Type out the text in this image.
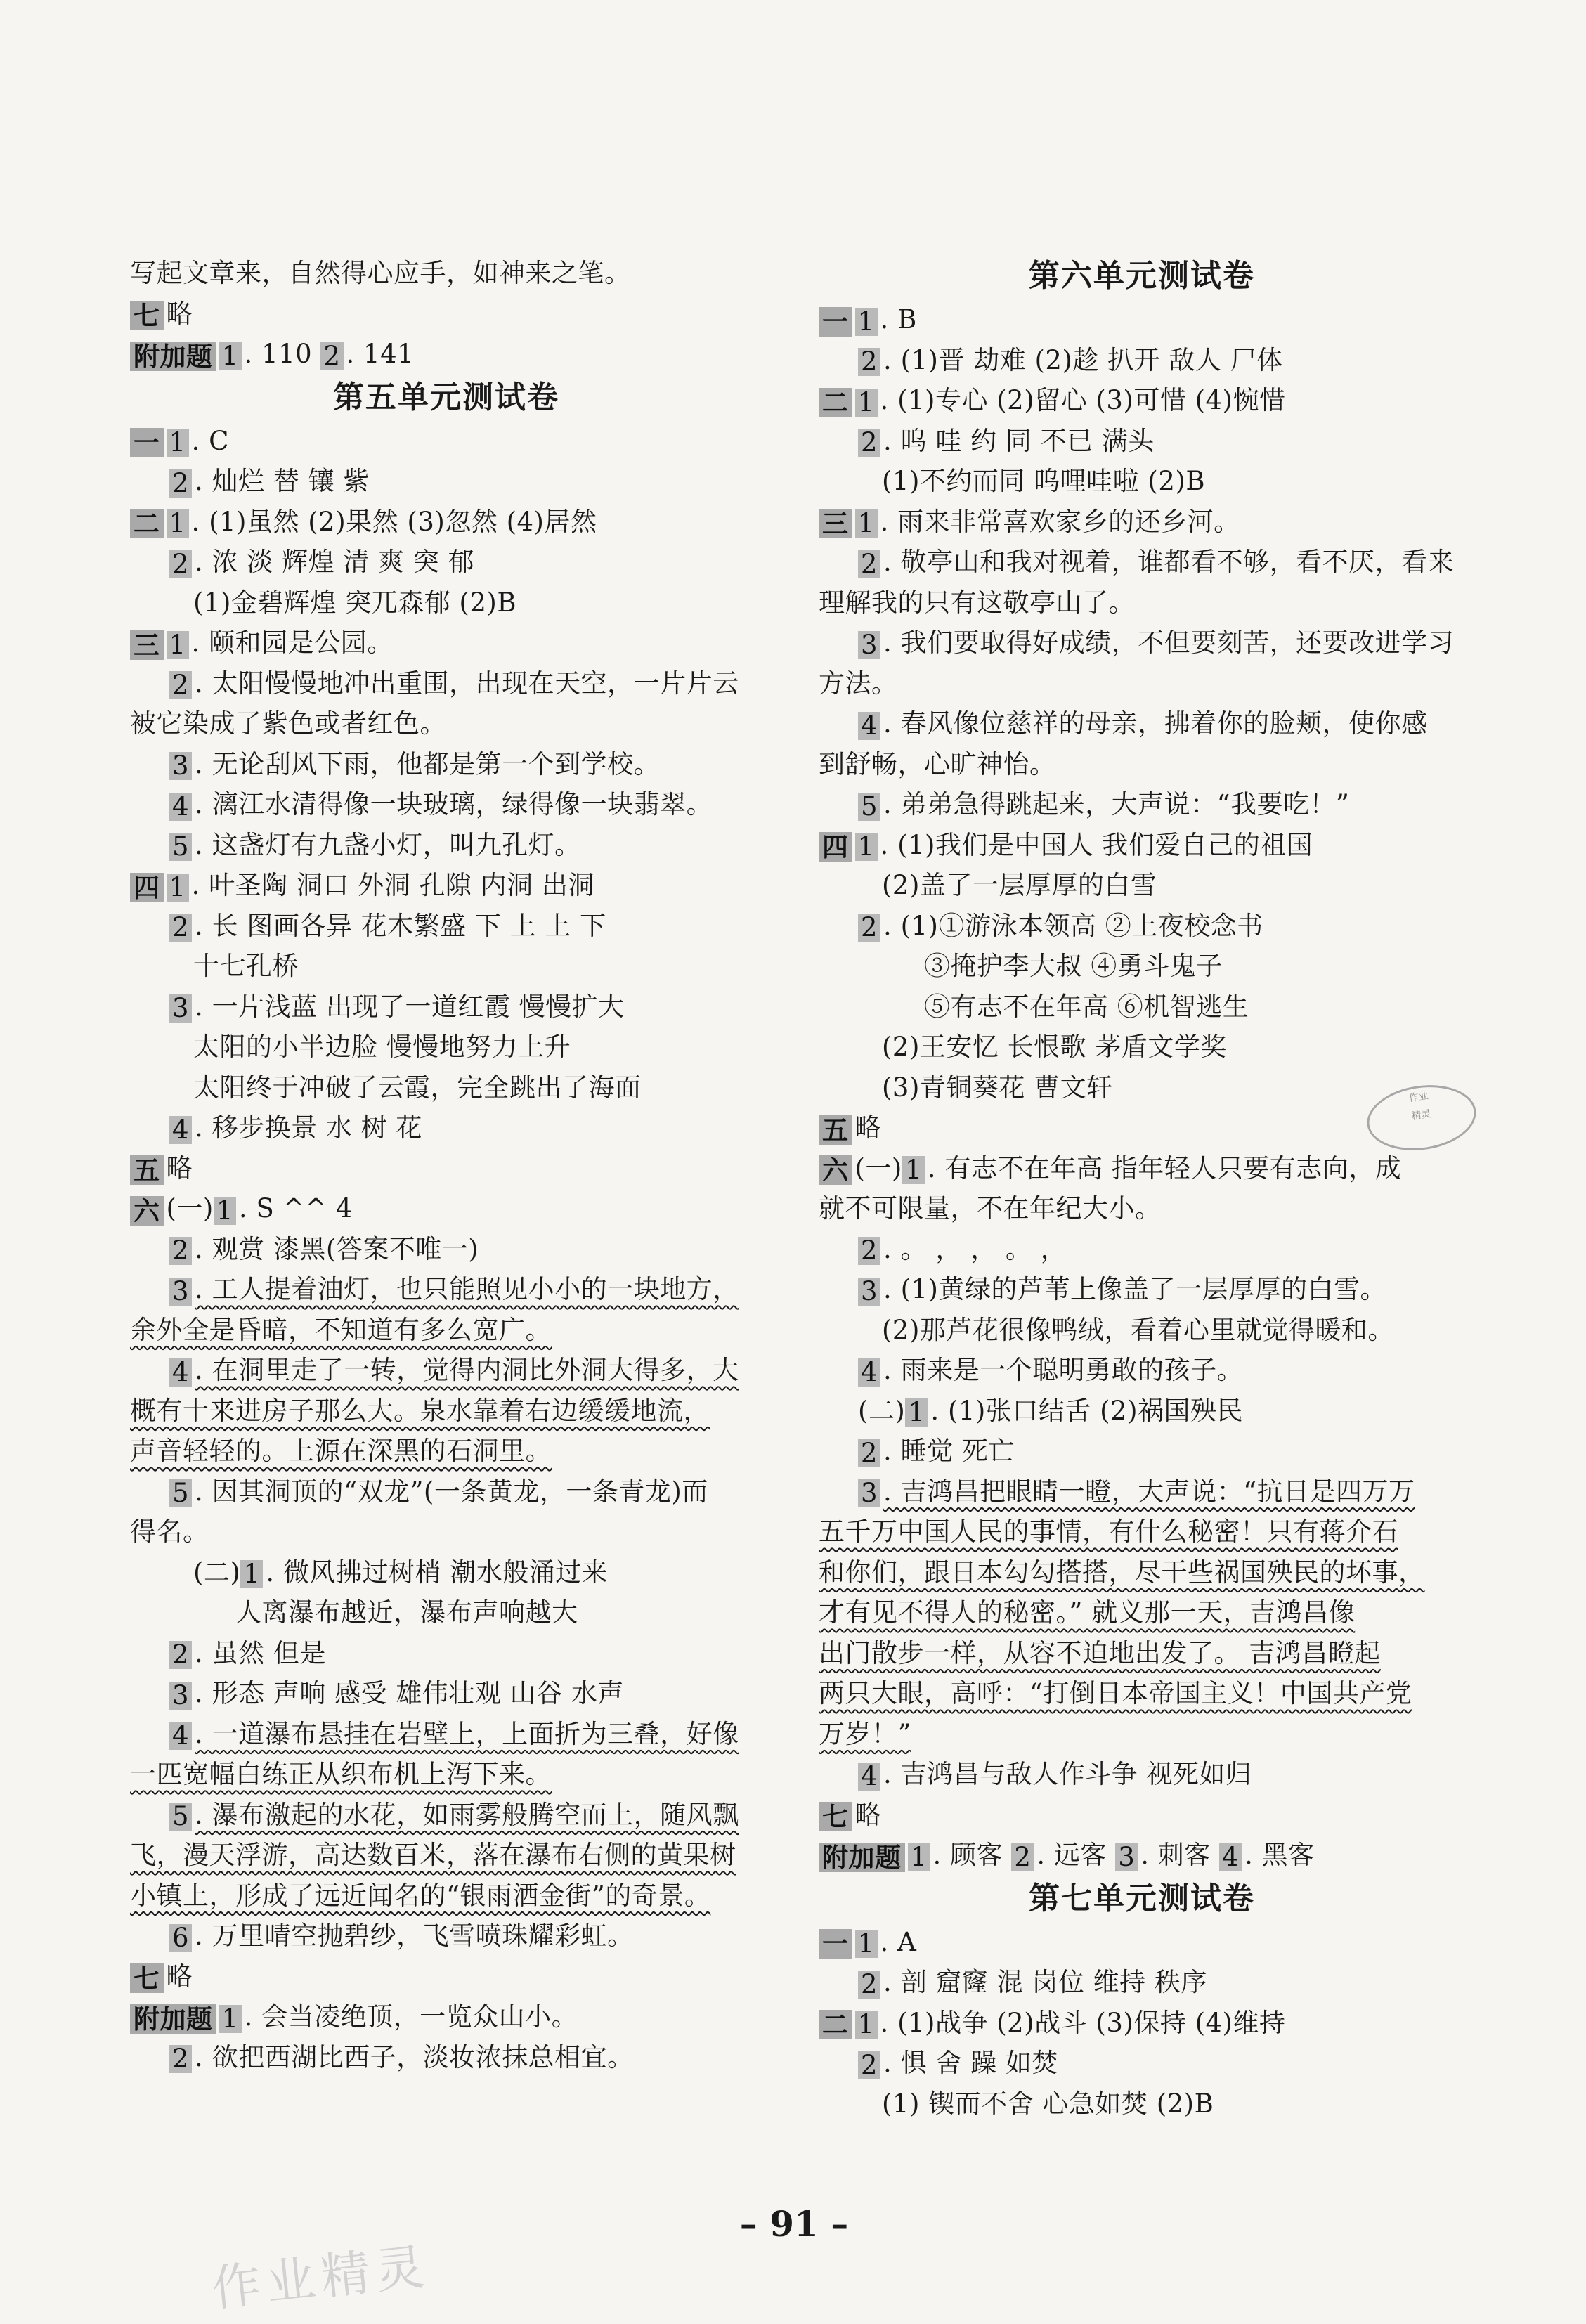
写起文章来，自然得心应手，如神来之笔。
七 略
附加题 1 . 110 2 . 141
第五单元测试卷
一 1 . C
2 . 灿烂 替 镶 紫
二 1 . (1)虽然 (2)果然 (3)忽然 (4)居然
2 . 浓 淡 辉煌 清 爽 突 郁
(1)金碧辉煌 突兀森郁 (2)B
三 1 . 颐和园是公园。
2 . 太阳慢慢地冲出重围，出现在天空，一片片云
被它染成了紫色或者红色。
3 . 无论刮风下雨，他都是第一个到学校。
4 . 漓江水清得像一块玻璃，绿得像一块翡翠。
5 . 这盏灯有九盏小灯，叫九孔灯。
四 1 . 叶圣陶 洞口 外洞 孔隙 内洞 出洞
2 . 长 图画各异 花木繁盛 下 上 上 下
十七孔桥
3 . 一片浅蓝 出现了一道红霞 慢慢扩大
太阳的小半边脸 慢慢地努力上升
太阳终于冲破了云霞，完全跳出了海面
4 . 移步换景 水 树 花
五 略
六 (一) 1 . S ^^ 4
2 . 观赏 漆黑(答案不唯一)
3 . 工人提着油灯，也只能照见小小的一块地方，
余外全是昏暗，不知道有多么宽广。
4 . 在洞里走了一转，觉得内洞比外洞大得多，大
概有十来进房子那么大。泉水靠着右边缓缓地流，
声音轻轻的。上源在深黑的石洞里。
5 . 因其洞顶的“双龙”(一条黄龙，一条青龙)而
得名。
(二) 1 . 微风拂过树梢 潮水般涌过来
人离瀑布越近，瀑布声响越大
2 . 虽然 但是
3 . 形态 声响 感受 雄伟壮观 山谷 水声
4 . 一道瀑布悬挂在岩壁上，上面折为三叠，好像
一匹宽幅白练正从织布机上泻下来。
5 . 瀑布激起的水花，如雨雾般腾空而上，随风飘
飞，漫天浮游，高达数百米，落在瀑布右侧的黄果树
小镇上，形成了远近闻名的“银雨洒金街”的奇景。
6 . 万里晴空抛碧纱，飞雪喷珠耀彩虹。
七 略
附加题 1 . 会当凌绝顶，一览众山小。
2 . 欲把西湖比西子，淡妆浓抹总相宜。
第六单元测试卷
一 1 . B
2 . (1)晋 劫难 (2)趁 扒开 敌人 尸体
二 1 . (1)专心 (2)留心 (3)可惜 (4)惋惜
2 . 呜 哇 约 同 不已 满头
(1)不约而同 呜哩哇啦 (2)B
三 1 . 雨来非常喜欢家乡的还乡河。
2 . 敬亭山和我对视着，谁都看不够，看不厌，看来
理解我的只有这敬亭山了。
3 . 我们要取得好成绩，不但要刻苦，还要改进学习
方法。
4 . 春风像位慈祥的母亲，拂着你的脸颊，使你感
到舒畅，心旷神怡。
5 . 弟弟急得跳起来，大声说：“我要吃！”
四 1 . (1)我们是中国人 我们爱自己的祖国
(2)盖了一层厚厚的白雪
2 . (1)①游泳本领高 ②上夜校念书
③掩护李大叔 ④勇斗鬼子
⑤有志不在年高 ⑥机智逃生
(2)王安忆 长恨歌 茅盾文学奖
(3)青铜葵花 曹文轩
五 略
六 (一) 1 . 有志不在年高 指年轻人只要有志向，成
就不可限量，不在年纪大小。
2 . 。 ， ， 。 ，
3 . (1)黄绿的芦苇上像盖了一层厚厚的白雪。
(2)那芦花很像鸭绒，看着心里就觉得暖和。
4 . 雨来是一个聪明勇敢的孩子。
(二) 1 . (1)张口结舌 (2)祸国殃民
2 . 睡觉 死亡
3 . 吉鸿昌把眼睛一瞪，大声说：“抗日是四万万
五千万中国人民的事情，有什么秘密！只有蒋介石
和你们，跟日本勾勾搭搭，尽干些祸国殃民的坏事，
才有见不得人的秘密。” 就义那一天，吉鸿昌像
出门散步一样，从容不迫地出发了。 吉鸿昌瞪起
两只大眼，高呼：“打倒日本帝国主义！中国共产党
万岁！”
4 . 吉鸿昌与敌人作斗争 视死如归
七 略
附加题 1 . 顾客 2 . 远客 3 . 刺客 4 . 黑客
第七单元测试卷
一 1 . A
2 . 剖 窟窿 混 岗位 维持 秩序
二 1 . (1)战争 (2)战斗 (3)保持 (4)维持
2 . 惧 舍 躁 如焚
(1) 锲而不舍 心急如焚 (2)B
– 91 –
作业精灵
作业
精灵
